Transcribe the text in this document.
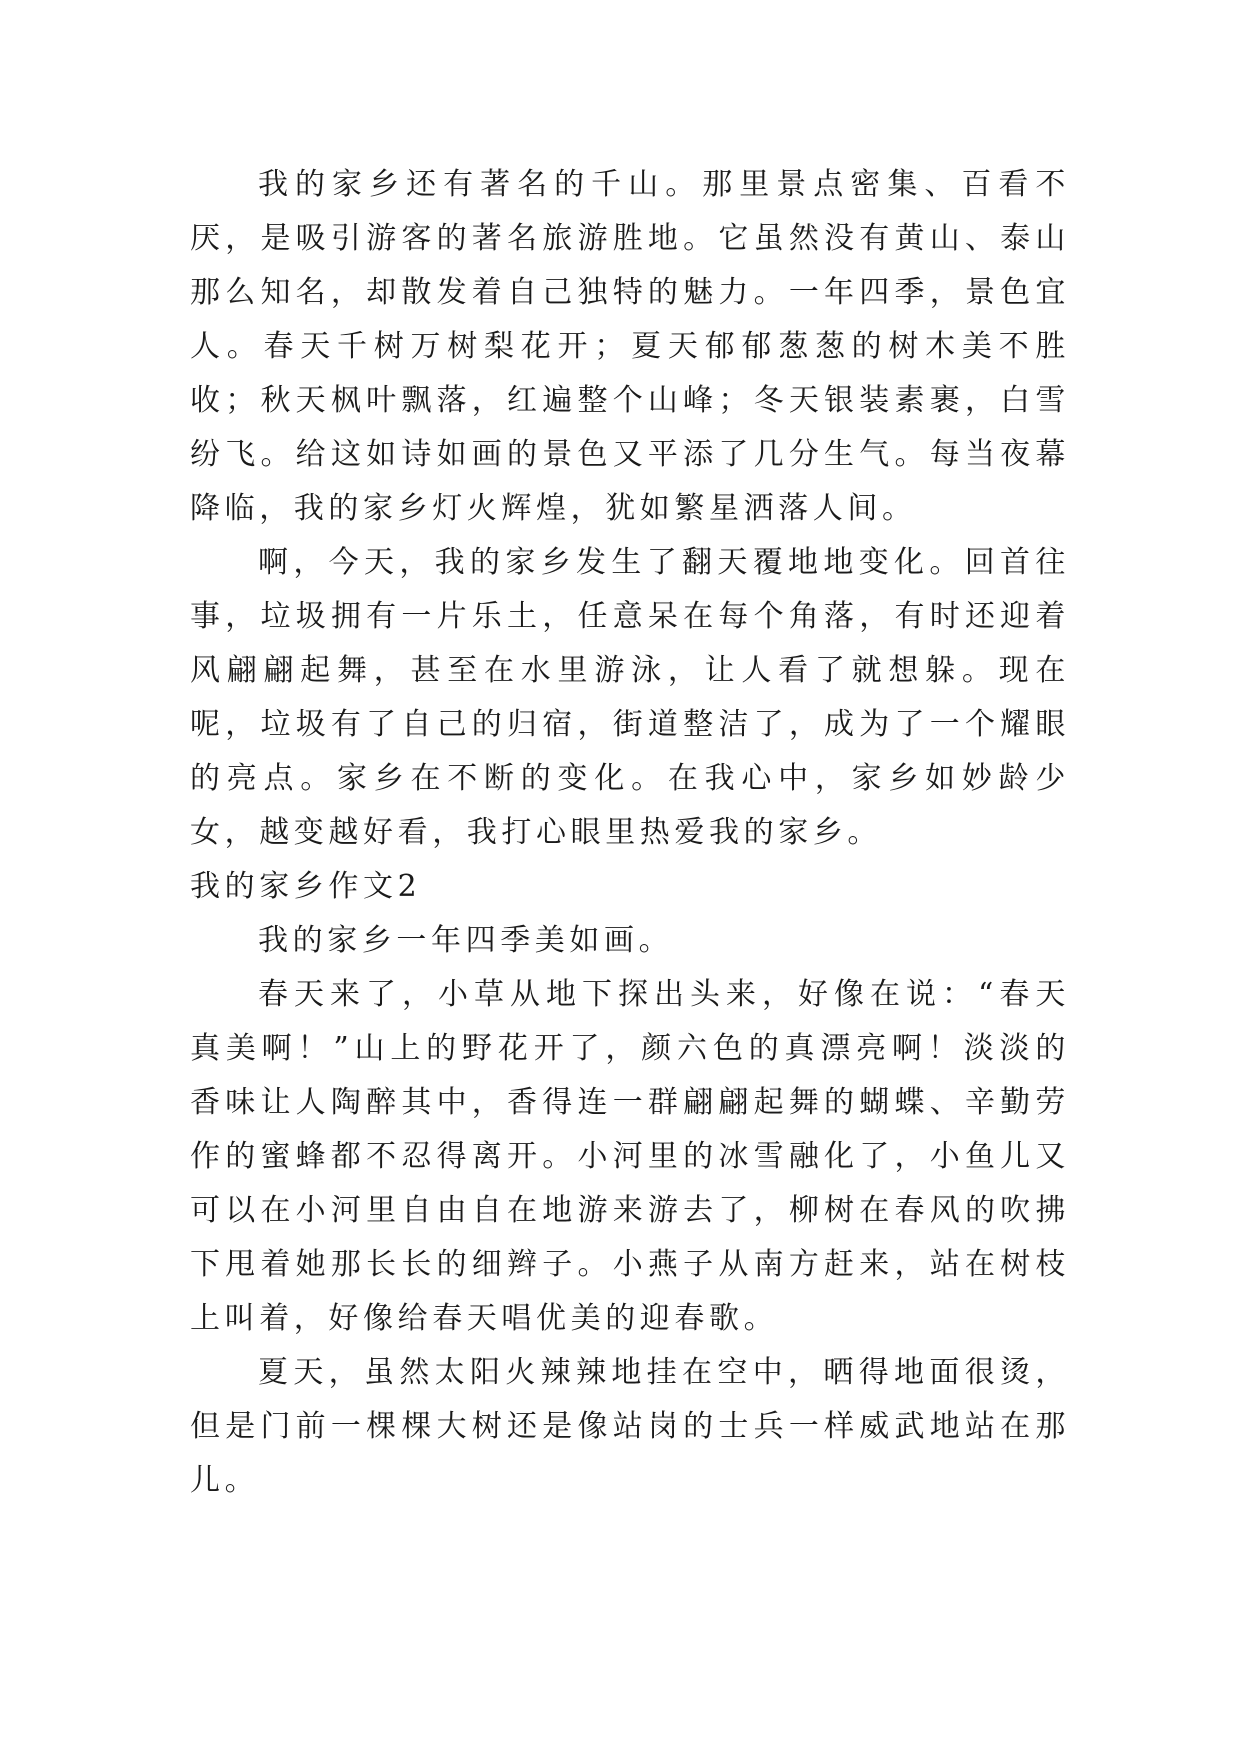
我的家乡还有著名的千山。那里景点密集、百看不厌，是吸引游客的著名旅游胜地。它虽然没有黄山、泰山那么知名，却散发着自己独特的魅力。一年四季，景色宜人。春天千树万树梨花开；夏天郁郁葱葱的树木美不胜收；秋天枫叶飘落，红遍整个山峰；冬天银装素裹，白雪纷飞。给这如诗如画的景色又平添了几分生气。每当夜幕降临，我的家乡灯火辉煌，犹如繁星洒落人间。

啊，今天，我的家乡发生了翻天覆地地变化。回首往事，垃圾拥有一片乐土，任意呆在每个角落，有时还迎着风翩翩起舞，甚至在水里游泳，让人看了就想躲。现在呢，垃圾有了自己的归宿，街道整洁了，成为了一个耀眼的亮点。家乡在不断的变化。在我心中，家乡如妙龄少女，越变越好看，我打心眼里热爱我的家乡。

我的家乡作文2

我的家乡一年四季美如画。

春天来了，小草从地下探出头来，好像在说：“春天真美啊！”山上的野花开了，颜六色的真漂亮啊！淡淡的香味让人陶醉其中，香得连一群翩翩起舞的蝴蝶、辛勤劳作的蜜蜂都不忍得离开。小河里的冰雪融化了，小鱼儿又可以在小河里自由自在地游来游去了，柳树在春风的吹拂下甩着她那长长的细辫子。小燕子从南方赶来，站在树枝上叫着，好像给春天唱优美的迎春歌。

夏天，虽然太阳火辣辣地挂在空中，晒得地面很烫，但是门前一棵棵大树还是像站岗的士兵一样威武地站在那儿。
